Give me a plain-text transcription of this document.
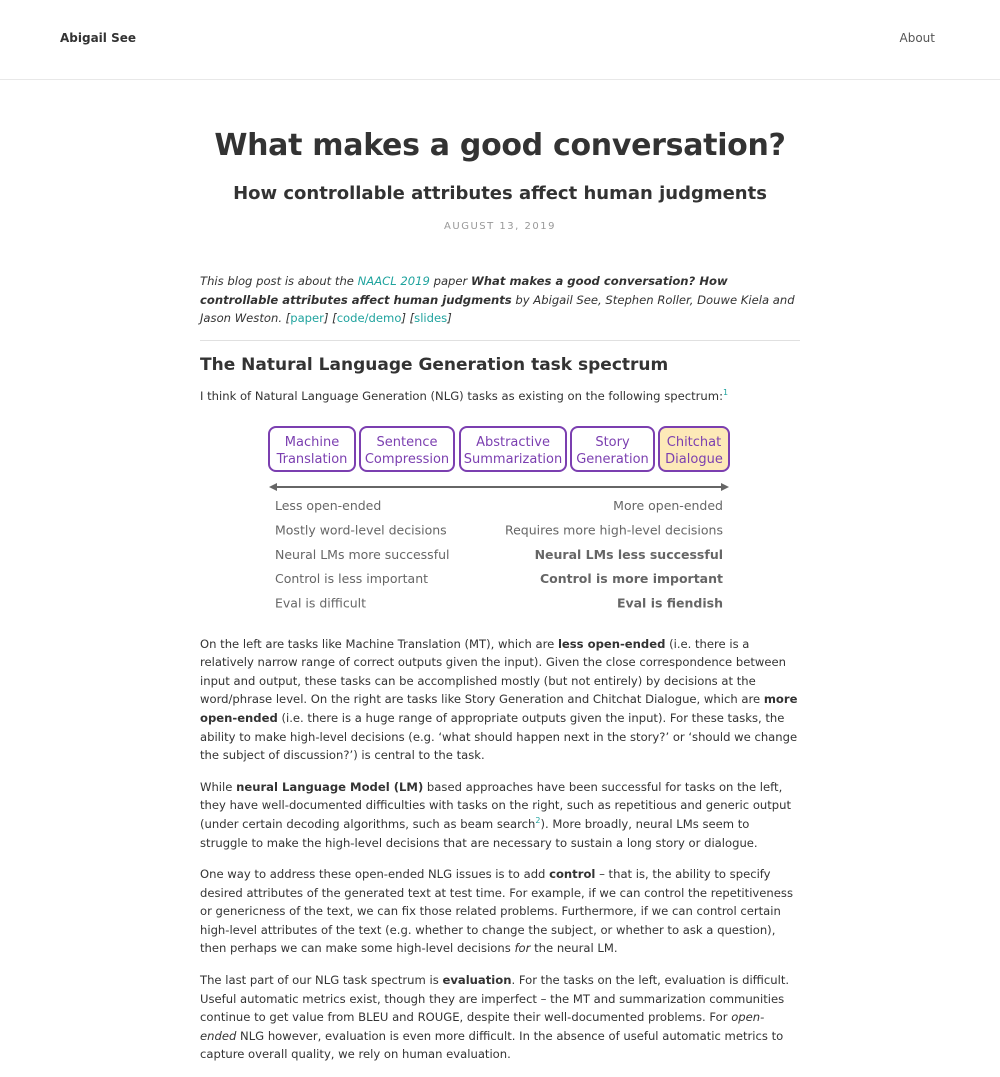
Abigail See	About
What makes a good conversation?
How controllable attributes affect human judgments
AUGUST 13, 2019

This blog post is about the NAACL 2019 paper What makes a good conversation? How controllable attributes affect human judgments by Abigail See, Stephen Roller, Douwe Kiela and Jason Weston. [paper] [code/demo] [slides]

The Natural Language Generation task spectrum

I think of Natural Language Generation (NLG) tasks as existing on the following spectrum:$^1$

Machine
Translation
Sentence
Compression
Abstractive
Summarization
Story
Generation
Chitchat
Dialogue
Less open-ended
Mostly word-level decisions
Neural LMs more successful
Control is less important
Eval is difficult
More open-ended
Requires more high-level decisions
Neural LMs less successful
Control is more important
Eval is fiendish

On the left are tasks like Machine Translation (MT), which are less open-ended (i.e. there is a relatively narrow range of correct outputs given the input). Given the close correspondence between input and output, these tasks can be accomplished mostly (but not entirely) by decisions at the word/phrase level. On the right are tasks like Story Generation and Chitchat Dialogue, which are more open-ended (i.e. there is a huge range of appropriate outputs given the input). For these tasks, the ability to make high-level decisions (e.g. ‘what should happen next in the story?’ or ‘should we change the subject of discussion?’) is central to the task.

While neural Language Model (LM) based approaches have been successful for tasks on the left, they have well-documented difficulties with tasks on the right, such as repetitious and generic output (under certain decoding algorithms, such as beam search$^2$). More broadly, neural LMs seem to struggle to make the high-level decisions that are necessary to sustain a long story or dialogue.

One way to address these open-ended NLG issues is to add control – that is, the ability to specify desired attributes of the generated text at test time. For example, if we can control the repetitiveness or genericness of the text, we can fix those related problems. Furthermore, if we can control certain high-level attributes of the text (e.g. whether to change the subject, or whether to ask a question), then perhaps we can make some high-level decisions for the neural LM.

The last part of our NLG task spectrum is evaluation. For the tasks on the left, evaluation is difficult. Useful automatic metrics exist, though they are imperfect – the MT and summarization communities continue to get value from BLEU and ROUGE, despite their well-documented problems. For open-ended NLG however, evaluation is even more difficult. In the absence of useful automatic metrics to capture overall quality, we rely on human evaluation.
